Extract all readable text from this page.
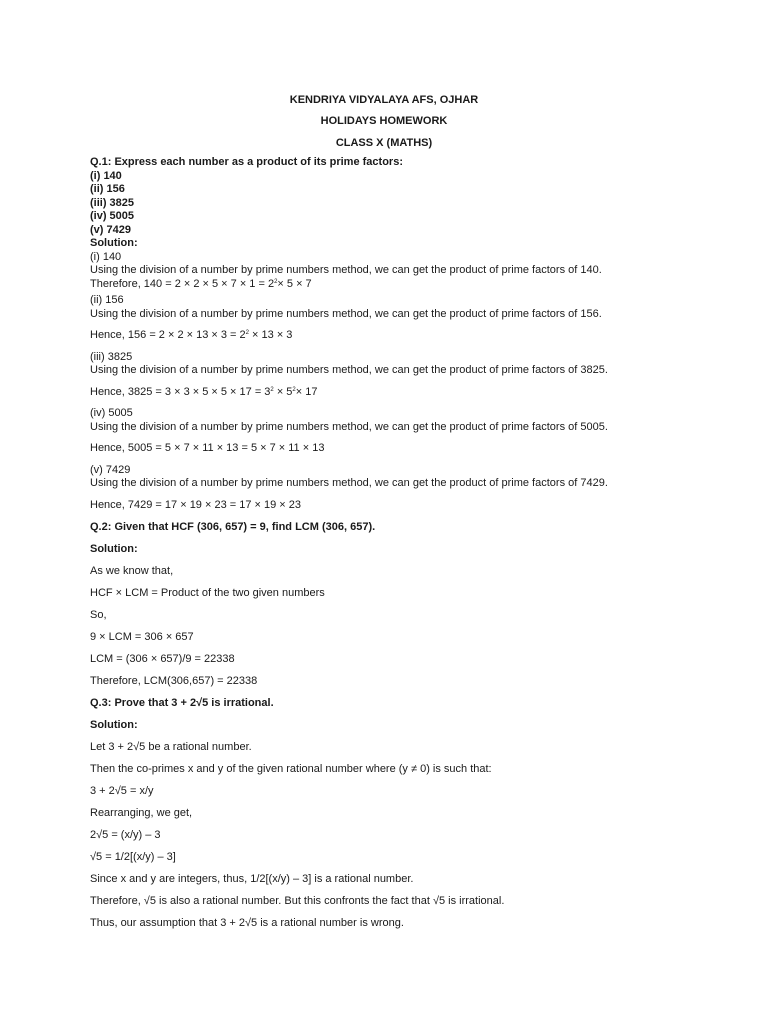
KENDRIYA VIDYALAYA AFS, OJHAR
HOLIDAYS HOMEWORK
CLASS X (MATHS)

Q.1: Express each number as a product of its prime factors:

(i) 140

(ii) 156

(iii) 3825

(iv) 5005

(v) 7429

Solution:

(i) 140

Using the division of a number by prime numbers method, we can get the product of prime factors of 140.

Therefore, $140 = 2 \times 2 \times 5 \times 7 \times 1 = 2^2\times 5 \times 7$

(ii) 156

Using the division of a number by prime numbers method, we can get the product of prime factors of 156.

Hence, $156 = 2 \times 2 \times 13 \times 3 = 2^2 \times 13 \times 3$

(iii) 3825

Using the division of a number by prime numbers method, we can get the product of prime factors of 3825.

Hence, $3825 = 3 \times 3 \times 5 \times 5 \times 17 = 3^2 \times 5^2\times 17$

(iv) 5005

Using the division of a number by prime numbers method, we can get the product of prime factors of 5005.

Hence, 5005 = 5 × 7 × 11 × 13 = 5 × 7 × 11 × 13

(v) 7429

Using the division of a number by prime numbers method, we can get the product of prime factors of 7429.

Hence, 7429 = 17 × 19 × 23 = 17 × 19 × 23

Q.2: Given that HCF (306, 657) = 9, find LCM (306, 657).

Solution:

As we know that,

HCF × LCM = Product of the two given numbers

So,

9 × LCM = 306 × 657

LCM = (306 × 657)/9 = 22338

Therefore, LCM(306,657) = 22338

Q.3: Prove that 3 + 2√5 is irrational.

Solution:

Let 3 + 2√5 be a rational number.

Then the co-primes x and y of the given rational number where (y ≠ 0) is such that:

3 + 2√5 = x/y

Rearranging, we get,

2√5 = (x/y) – 3

√5 = 1/2[(x/y) – 3]

Since x and y are integers, thus, 1/2[(x/y) – 3] is a rational number.

Therefore, √5 is also a rational number. But this confronts the fact that √5 is irrational.

Thus, our assumption that 3 + 2√5 is a rational number is wrong.
